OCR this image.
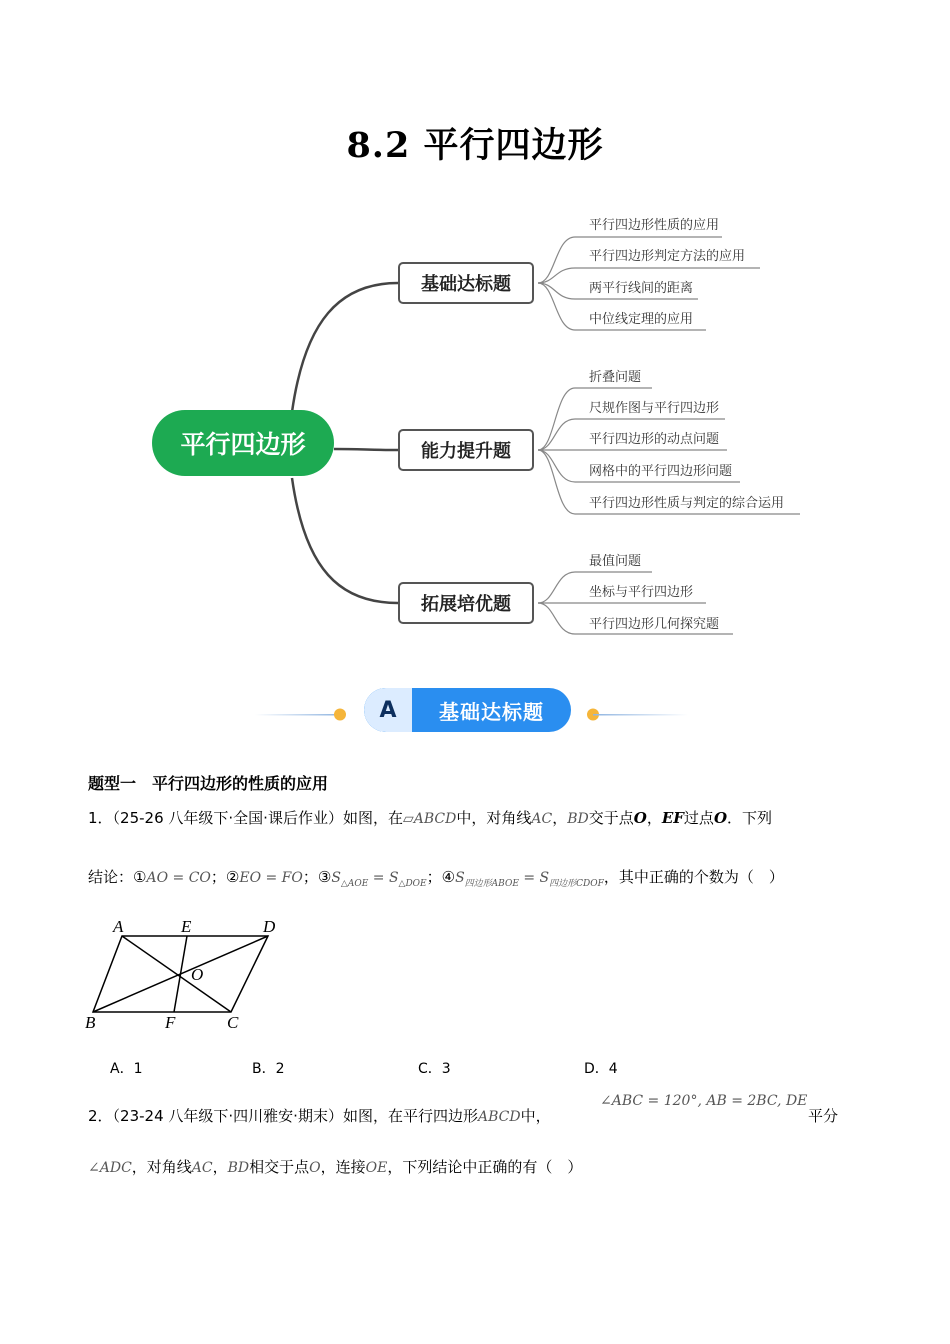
8.2 平行四边形
平行四边形
基础达标题
能力提升题
拓展培优题
平行四边形性质的应用
平行四边形判定方法的应用
两平行线间的距离
中位线定理的应用
折叠问题
尺规作图与平行四边形
平行四边形的动点问题
网格中的平行四边形问题
平行四边形性质与判定的综合运用
最值问题
坐标与平行四边形
平行四边形几何探究题
A	基础达标题
题型一　平行四边形的性质的应用
1．（25-26 八年级下·全国·课后作业）如图，在▱ABCD中，对角线AC，BD交于点O，EF过点O．下列
结论：①AO = CO；②EO = FO；$③S_{\triangle AOE} = S_{\triangle DOE}$；$④S_{四边形ABOE} = S_{四边形CDOF}$，其中正确的个数为（　）
A	E	D
O
B	F	C
A．1	B．2	C．3	D．4
2．（23-24 八年级下·四川雅安·期末）如图，在平行四边形ABCD中，
∠ABC = 120°, AB = 2BC, DE
平分
∠ADC，对角线AC，BD相交于点O，连接OE，下列结论中正确的有（　）
